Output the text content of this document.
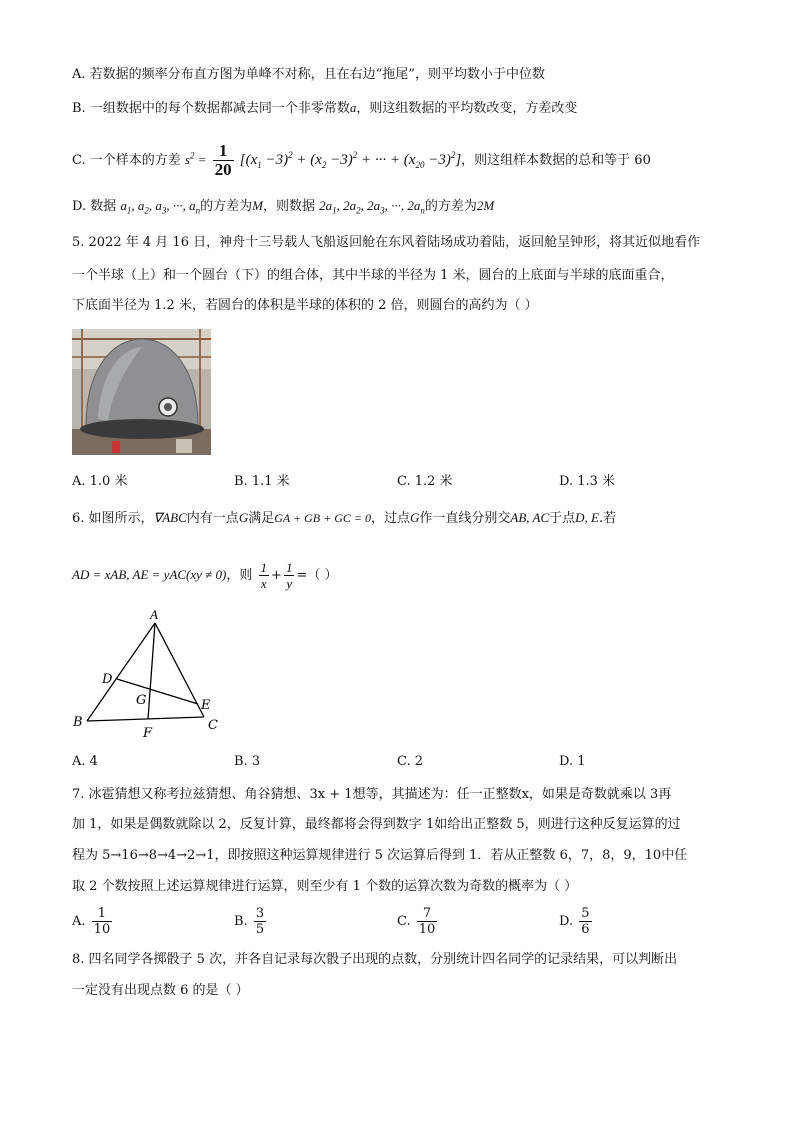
A. 若数据的频率分布直方图为单峰不对称，且在右边“拖尾”，则平均数小于中位数
B. 一组数据中的每个数据都减去同一个非零常数a，则这组数据的平均数改变，方差改变
C. 一个样本的方差 $s^2 = \frac{1}{20} [(x_1 -3)^2 + (x_2 -3)^2$ + ··· + $(x_{20} -3)^2$]，则这组样本数据的总和等于 60
D. 数据 $a_1$, $a_2$, $a_3$, ···, $a_n$的方差为M，则数据 $2a_1$, $2a_2$, $2a_3$, ···, $2a_n$的方差为2M
5. 2022 年 4 月 16 日，神舟十三号载人飞船返回舱在东风着陆场成功着陆，返回舱呈钟形，将其近似地看作
一个半球（上）和一个圆台（下）的组合体，其中半球的半径为 1 米，圆台的上底面与半球的底面重合，
下底面半径为 1.2 米，若圆台的体积是半球的体积的 2 倍，则圆台的高约为（ ）
A. 1.0 米	B. 1.1 米	C. 1.2 米	D. 1.3 米
6. 如图所示，∇ABC内有一点G满足GA + GB + GC = 0，过点G作一直线分别交AB, AC于点D, E.若
AD = xAB, AE = yAC(xy ≠ 0)，则 $\frac{1}{x} + \frac{1}{y}$ =（ ）
A
B	C
D
E
F
G
A. 4	B. 3	C. 2	D. 1
7. 冰雹猜想又称考拉兹猜想、角谷猜想、3x + 1想等，其描述为：任一正整数x，如果是奇数就乘以 3再
加 1，如果是偶数就除以 2，反复计算，最终都将会得到数字 1如给出正整数 5，则进行这种反复运算的过
程为 5→16→8→4→2→1，即按照这种运算规律进行 5 次运算后得到 1．若从正整数 6，7，8，9，10中任
取 2 个数按照上述运算规律进行运算，则至少有 1 个数的运算次数为奇数的概率为（ ）
A. $\frac{1}{10}$	B. $\frac{3}{5}$	C. $\frac{7}{10}$	D. $\frac{5}{6}$
8. 四名同学各掷骰子 5 次，并各自记录每次骰子出现的点数，分别统计四名同学的记录结果，可以判断出
一定没有出现点数 6 的是（ ）
